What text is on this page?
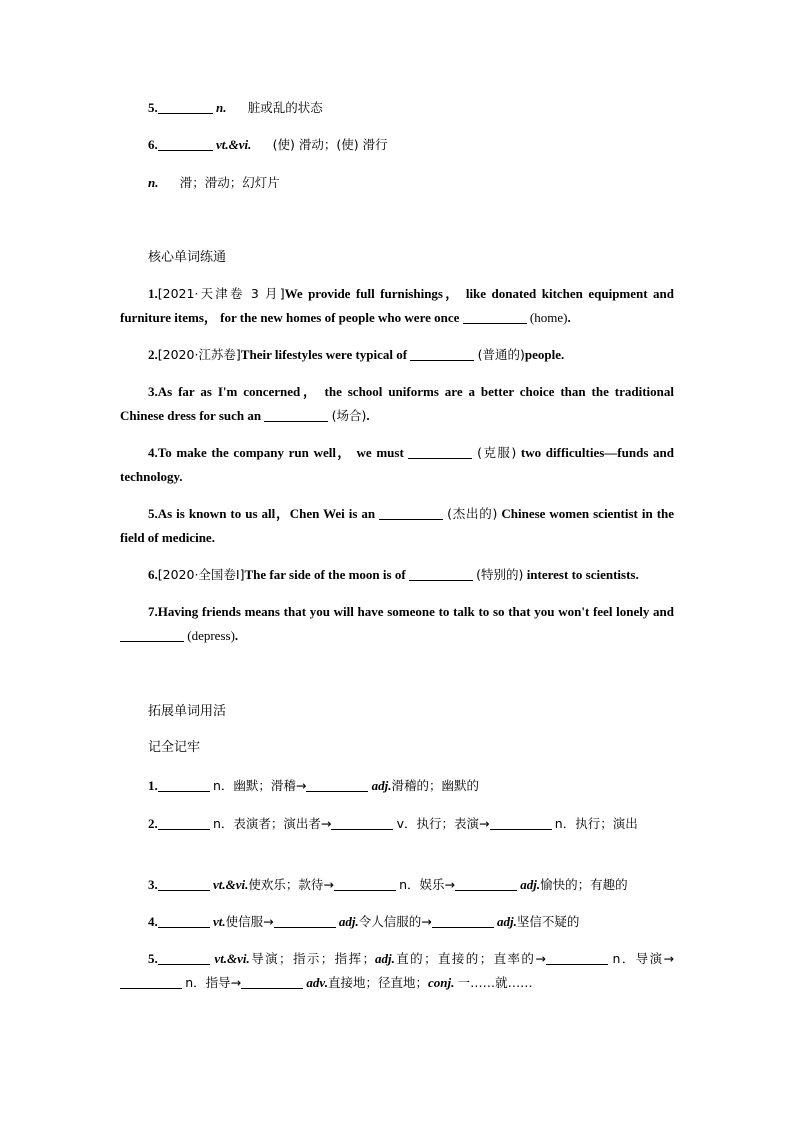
5.	n. 脏或乱的状态
6.	vt.&vi. (使) 滑动；(使) 滑行
n. 滑；滑动；幻灯片
核心单词练通
1.[2021·天津卷 3 月]We provide full furnishings， like donated kitchen equipment and furniture items， for the new homes of people who were once	(home).
2.[2020·江苏卷]Their lifestyles were typical of	(普通的)people.
3.As far as I'm concerned， the school uniforms are a better choice than the traditional Chinese dress for such an	(场合).
4.To make the company run well， we must	(克服) two difficulties—funds and technology.
5.As is known to us all，Chen Wei is an	(杰出的) Chinese women scientist in the field of medicine.
6.[2020·全国卷Ⅰ]The far side of the moon is of	(特别的) interest to scientists.
7.Having friends means that you will have someone to talk to so that you won't feel lonely and  (depress).
拓展单词用活
记全记牢
1.	n．幽默；滑稽→	adj.滑稽的；幽默的
2.	n．表演者；演出者→	v．执行；表演→	n．执行；演出
3.	vt.&vi.使欢乐；款待→	n．娱乐→	adj.愉快的；有趣的
4.	vt.使信服→	adj.令人信服的→	adj.坚信不疑的
5.	vt.&vi.导演；指示；指挥；adj.直的；直接的；直率的→	n．导演→ n．指导→	adv.直接地；径直地；conj. 一……就……
